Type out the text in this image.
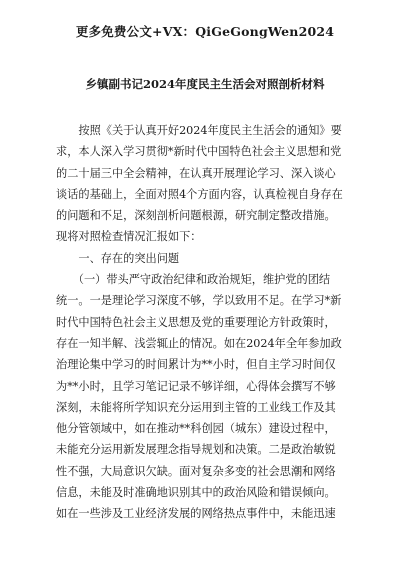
更多免费公文+VX：QiGeGongWen2024
乡镇副书记2024年度民主生活会对照剖析材料
　　按照《关于认真开好2024年度民主生活会的通知》要
求，本人深入学习贯彻*新时代中国特色社会主义思想和党
的二十届三中全会精神，在认真开展理论学习、深入谈心
谈话的基础上，全面对照4个方面内容，认真检视自身存在
的问题和不足，深刻剖析问题根源，研究制定整改措施。
现将对照检查情况汇报如下：
　　一、存在的突出问题
　　（一）带头严守政治纪律和政治规矩，维护党的团结
统一。一是理论学习深度不够，学以致用不足。在学习*新
时代中国特色社会主义思想及党的重要理论方针政策时，
存在一知半解、浅尝辄止的情况。如在2024年全年参加政
治理论集中学习的时间累计为**小时，但自主学习时间仅
为**小时，且学习笔记记录不够详细，心得体会撰写不够
深刻，未能将所学知识充分运用到主管的工业线工作及其
他分管领域中，如在推动**科创园（城东）建设过程中，
未能充分运用新发展理念指导规划和决策。二是政治敏锐
性不强，大局意识欠缺。面对复杂多变的社会思潮和网络
信息，未能及时准确地识别其中的政治风险和错误倾向。
如在一些涉及工业经济发展的网络热点事件中，未能迅速
